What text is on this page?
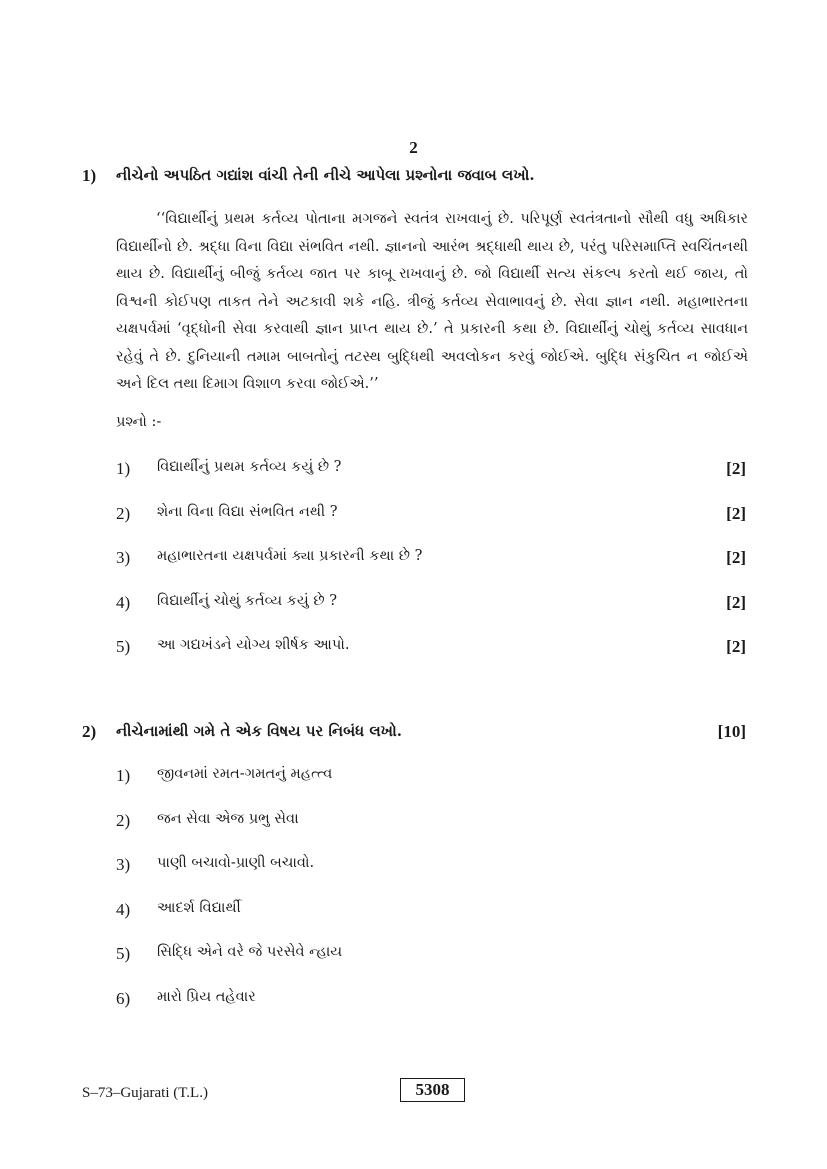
2
1) નીચેનો અપઠિત ગદ્યાંશ વાંચી તેની નીચે આપેલા પ્રશ્નોના જવાબ લખો.

‘‘વિદ્યાર્થીનું પ્રથમ કર્તવ્ય પોતાના મગજને સ્વતંત્ર રાખવાનું છે. પરિપૂર્ણ સ્વતંત્રતાનો સૌથી વધુ અધિકાર વિદ્યાર્થીનો છે. શ્રદ્ધા વિના વિદ્યા સંભવિત નથી. જ્ઞાનનો આરંભ શ્રદ્ધાથી થાય છે, પરંતુ પરિસમાપ્તિ સ્વચિંતનથી થાય છે. વિદ્યાર્થીનું બીજું કર્તવ્ય જાત પર કાબૂ રાખવાનું છે. જો વિદ્યાર્થી સત્ય સંકલ્પ કરતો થઈ જાય, તો વિશ્વની કોઈપણ તાકત તેને અટકાવી શકે નહિ. ત્રીજું કર્તવ્ય સેવાભાવનું છે. સેવા જ્ઞાન નથી. મહાભારતના યક્ષપર્વમાં ‘વૃદ્ધોની સેવા કરવાથી જ્ઞાન પ્રાપ્ત થાય છે.’ તે પ્રકારની કથા છે. વિદ્યાર્થીનું ચોથું કર્તવ્ય સાવધાન રહેવું તે છે. દુનિયાની તમામ બાબતોનું તટસ્થ બુદ્ધિથી અવલોકન કરવું જોઈએ. બુદ્ધિ સંકુચિત ન જોઈએ અને દિલ તથા દિમાગ વિશાળ કરવા જોઈએ.’’

પ્રશ્નો :-
1) વિદ્યાર્થીનું પ્રથમ કર્તવ્ય કયું છે ?	[2]
2) શેના વિના વિદ્યા સંભવિત નથી ?	[2]
3) મહાભારતના યક્ષપર્વમાં ક્યા પ્રકારની કથા છે ?	[2]
4) વિદ્યાર્થીનું ચોથું કર્તવ્ય કયું છે ?	[2]
5) આ ગદ્યખંડને યોગ્ય શીર્ષક આપો.	[2]
2) નીચેનામાંથી ગમે તે એક વિષય પર નિબંધ લખો.	[10]
1) જીવનમાં રમત-ગમતનું મહત્ત્વ
2) જન સેવા એજ પ્રભુ સેવા
3) પાણી બચાવો-પ્રાણી બચાવો.
4) આદર્શ વિદ્યાર્થી
5) સિદ્ધિ એને વરે જે પરસેવે ન્હાય
6) મારો પ્રિય તહેવાર
S–73–Gujarati (T.L.)	5308
